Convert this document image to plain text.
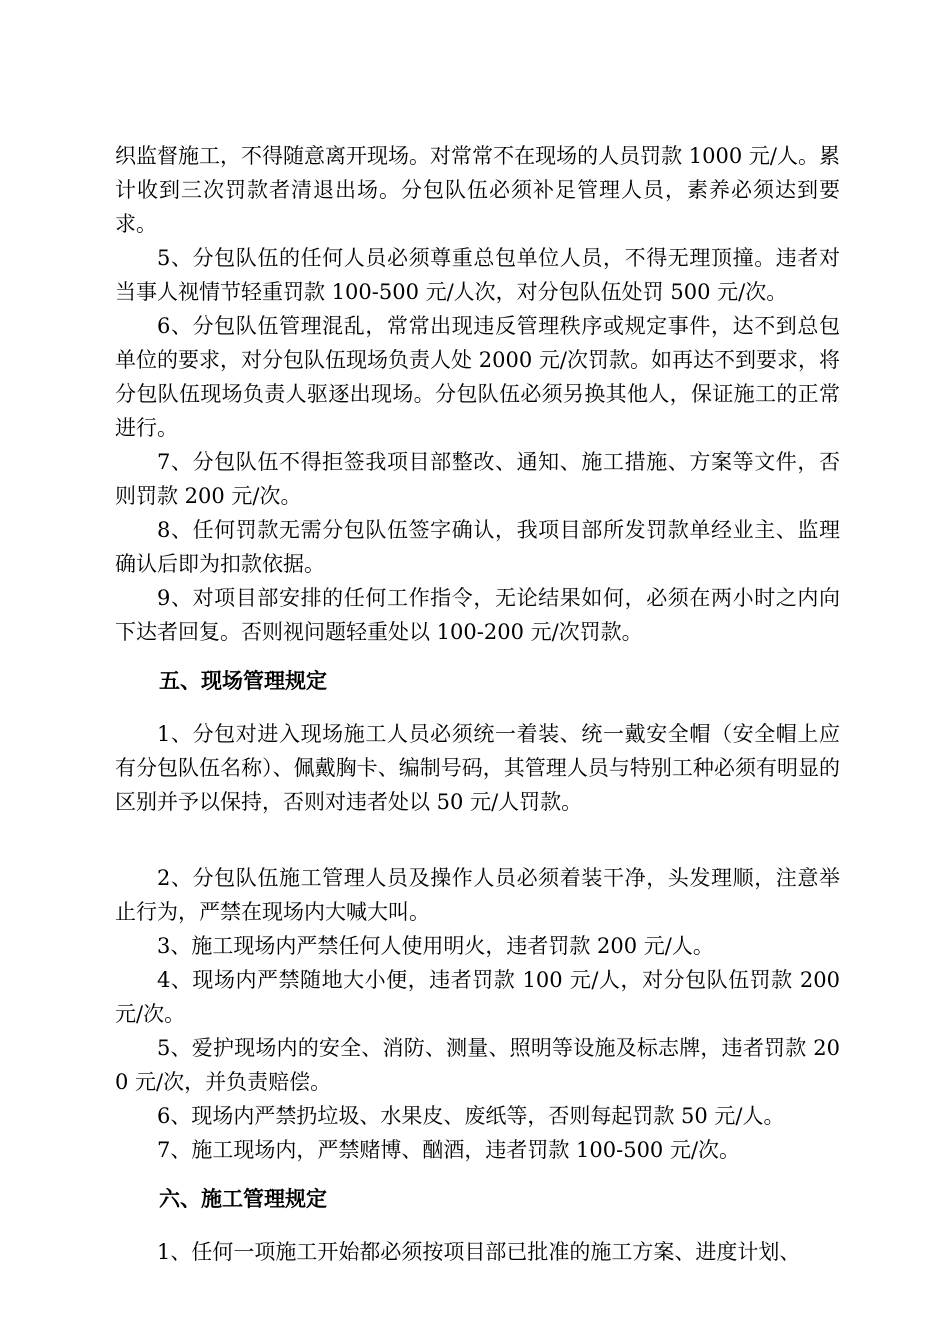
织监督施工，不得随意离开现场。对常常不在现场的人员罚款 1000 元/人。累计收到三次罚款者清退出场。分包队伍必须补足管理人员，素养必须达到要求。

5、分包队伍的任何人员必须尊重总包单位人员，不得无理顶撞。违者对当事人视情节轻重罚款 100-500 元/人次，对分包队伍处罚 500 元/次。

6、分包队伍管理混乱，常常出现违反管理秩序或规定事件，达不到总包单位的要求，对分包队伍现场负责人处 2000 元/次罚款。如再达不到要求，将分包队伍现场负责人驱逐出现场。分包队伍必须另换其他人，保证施工的正常进行。

7、分包队伍不得拒签我项目部整改、通知、施工措施、方案等文件，否则罚款 200 元/次。

8、任何罚款无需分包队伍签字确认，我项目部所发罚款单经业主、监理确认后即为扣款依据。

9、对项目部安排的任何工作指令，无论结果如何，必须在两小时之内向下达者回复。否则视问题轻重处以 100-200 元/次罚款。

五、现场管理规定

1、分包对进入现场施工人员必须统一着装、统一戴安全帽（安全帽上应有分包队伍名称）、佩戴胸卡、编制号码，其管理人员与特别工种必须有明显的区别并予以保持，否则对违者处以 50 元/人罚款。

2、分包队伍施工管理人员及操作人员必须着装干净，头发理顺，注意举止行为，严禁在现场内大喊大叫。

3、施工现场内严禁任何人使用明火，违者罚款 200 元/人。

4、现场内严禁随地大小便，违者罚款 100 元/人，对分包队伍罚款 200 元/次。

5、爱护现场内的安全、消防、测量、照明等设施及标志牌，违者罚款 200 元/次，并负责赔偿。

6、现场内严禁扔垃圾、水果皮、废纸等，否则每起罚款 50 元/人。

7、施工现场内，严禁赌博、酗酒，违者罚款 100-500 元/次。

六、施工管理规定

1、任何一项施工开始都必须按项目部已批准的施工方案、进度计划、
